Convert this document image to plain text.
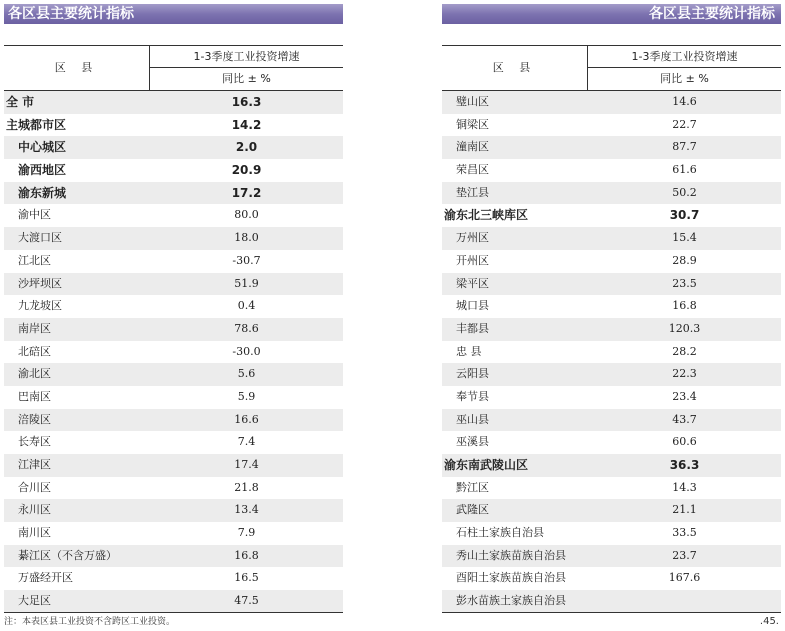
各区县主要统计指标
区 县
1-3季度工业投资增速
同比 ± %
全 市	16.3
主城都市区	14.2
中心城区	2.0
渝西地区	20.9
渝东新城	17.2
渝中区	80.0
大渡口区	18.0
江北区	-30.7
沙坪坝区	51.9
九龙坡区	0.4
南岸区	78.6
北碚区	-30.0
渝北区	5.6
巴南区	5.9
涪陵区	16.6
长寿区	7.4
江津区	17.4
合川区	21.8
永川区	13.4
南川区	7.9
綦江区（不含万盛）	16.8
万盛经开区	16.5
大足区	47.5
各区县主要统计指标
区 县
1-3季度工业投资增速
同比 ± %
璧山区	14.6
铜梁区	22.7
潼南区	87.7
荣昌区	61.6
垫江县	50.2
渝东北三峡库区	30.7
万州区	15.4
开州区	28.9
梁平区	23.5
城口县	16.8
丰都县	120.3
忠 县	28.2
云阳县	22.3
奉节县	23.4
巫山县	43.7
巫溪县	60.6
渝东南武陵山区	36.3
黔江区	14.3
武隆区	21.1
石柱土家族自治县	33.5
秀山土家族苗族自治县	23.7
酉阳土家族苗族自治县	167.6
彭水苗族土家族自治县
注：本表区县工业投资不含跨区工业投资。	.45.
